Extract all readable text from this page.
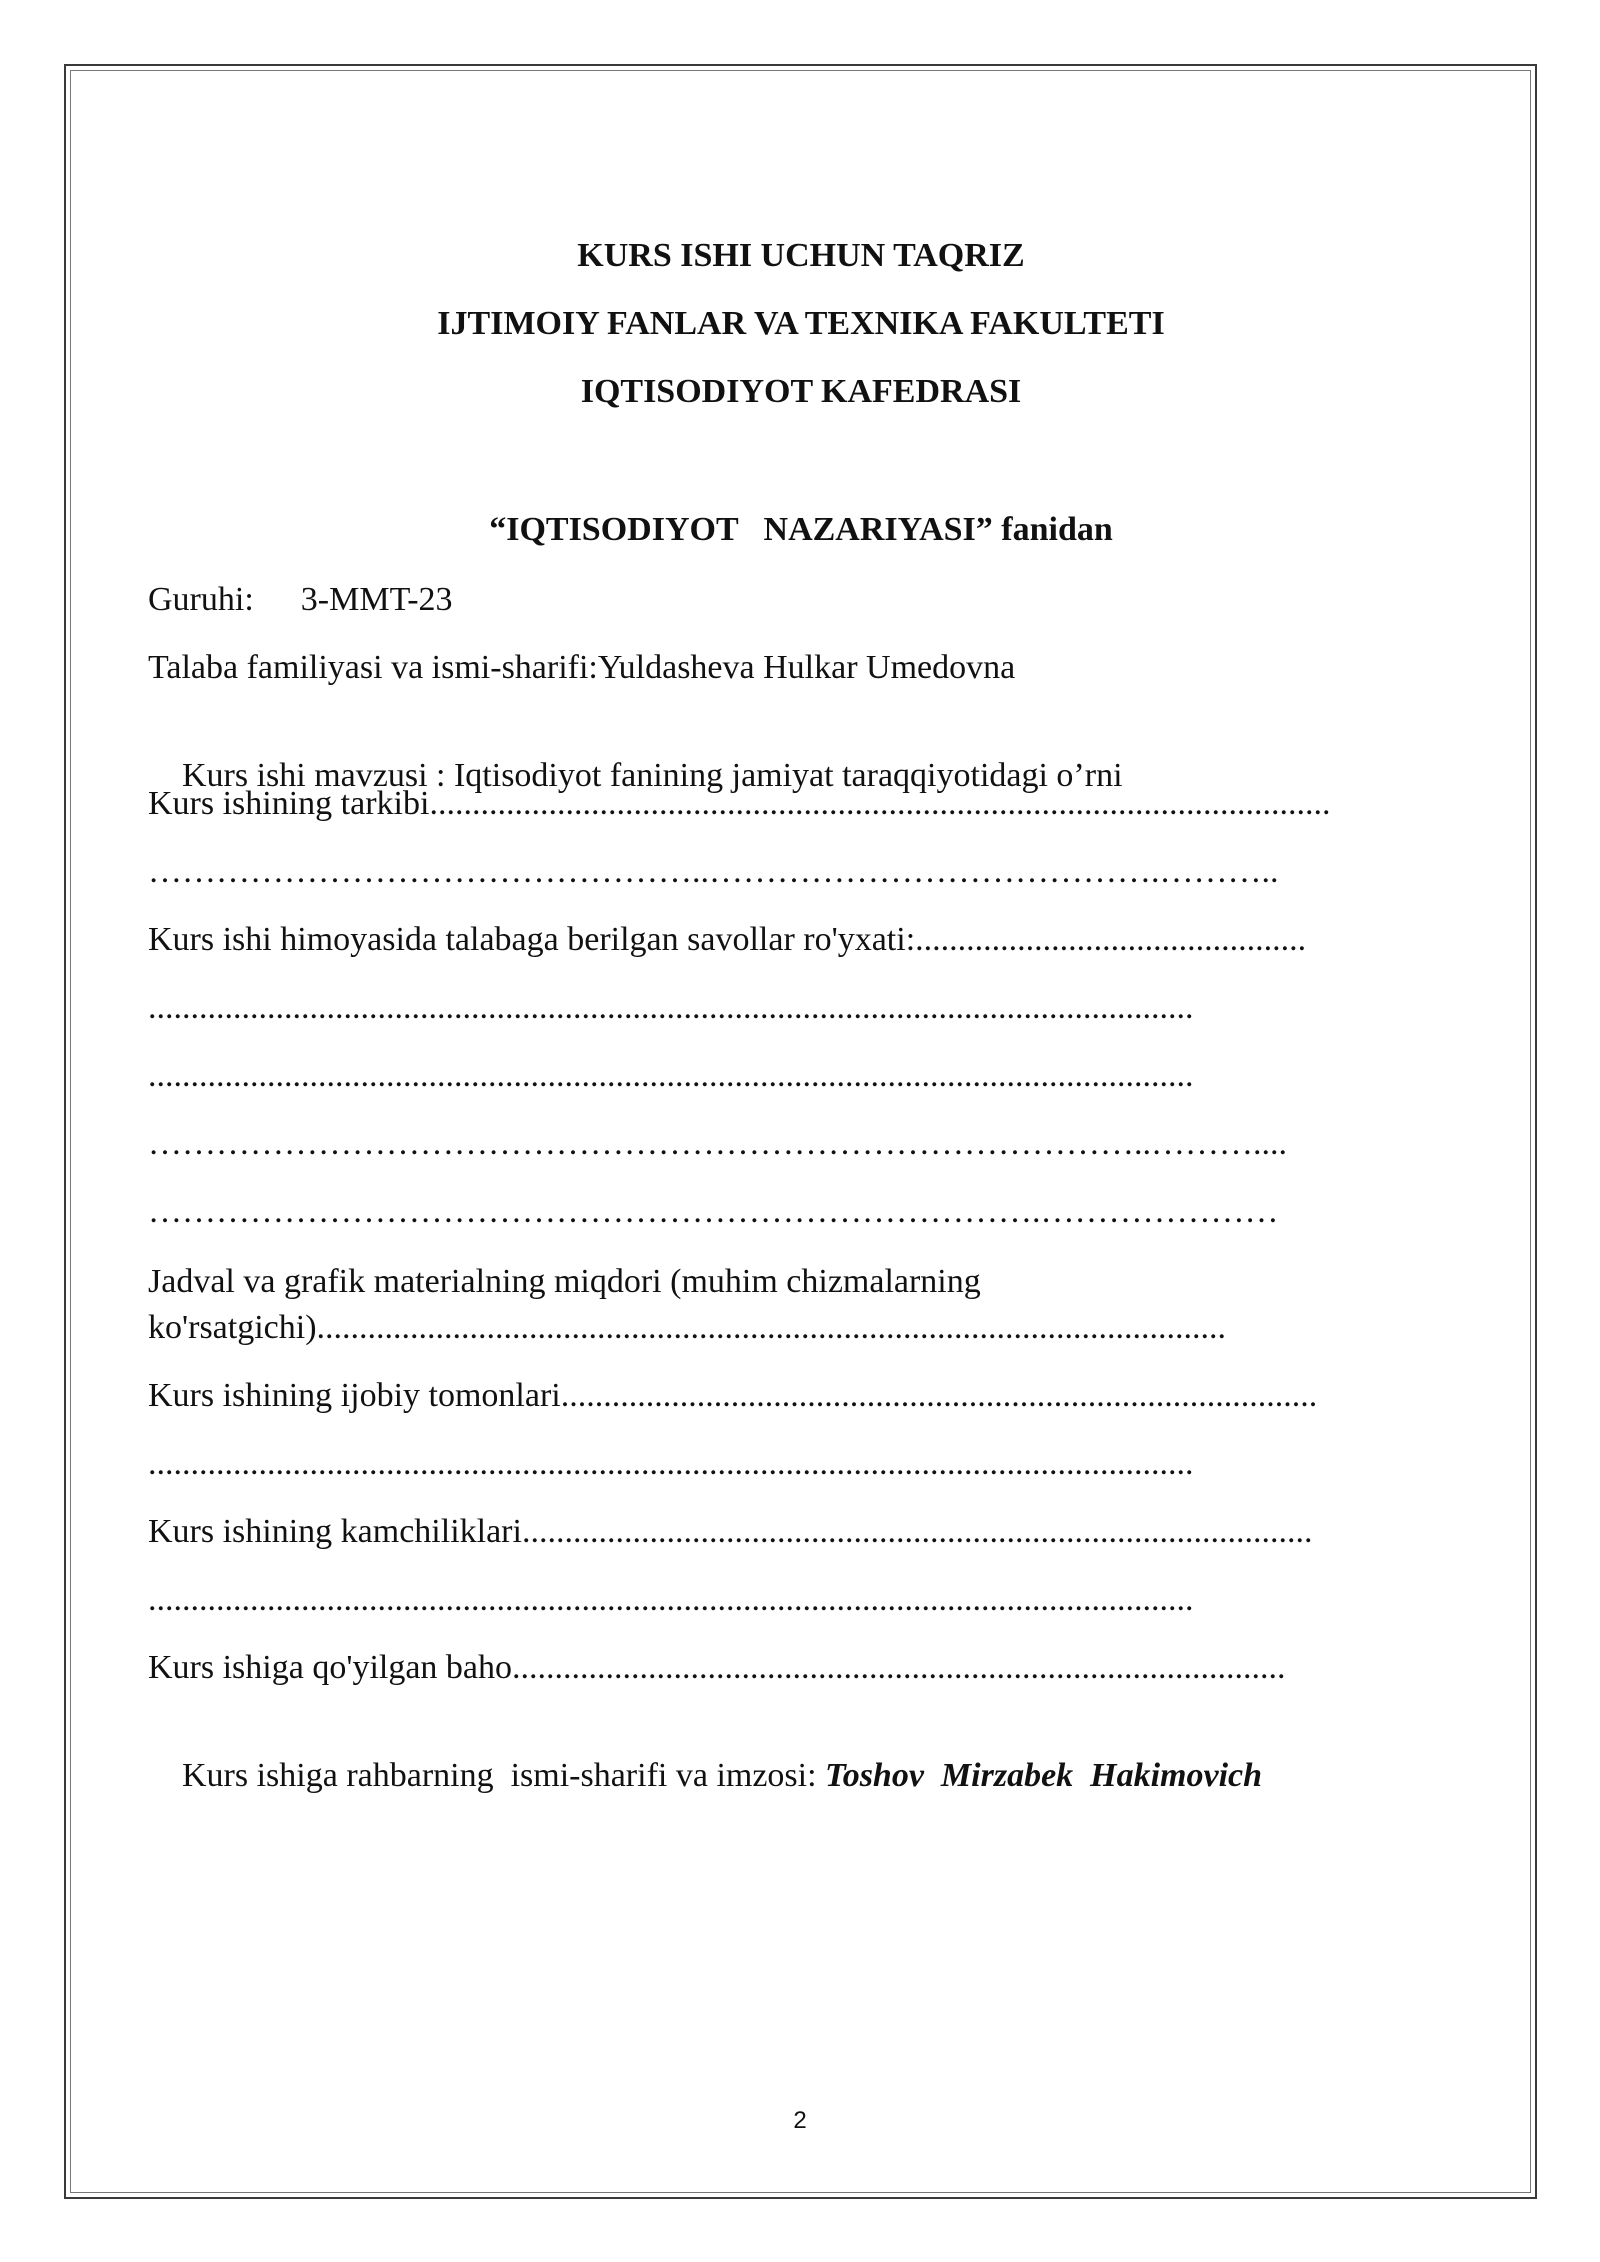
KURS ISHI UCHUN TAQRIZ
IJTIMOIY FANLAR VA TEXNIKA FAKULTETI
IQTISODIYOT KAFEDRASI
“IQTISODIYOT   NAZARIYASI” fanidan
Guruhi: 3-MMT-23
Talaba familiyasi va ismi-sharifi:Yuldasheva Hulkar Umedovna

Kurs ishi mavzusi : Iqtisodiyot fanining jamiyat taraqqiyotidagi o’rni

Kurs ishining tarkibi..........................................................................................................
…………………………………………..………………………………….………..
Kurs ishi himoyasida talabaga berilgan savollar ro'yxati:..............................................
...........................................................................................................................
...........................................................................................................................
……………………………………………………………………………..………....
…………………………………………………………………….…………………
Jadval va grafik materialning miqdori (muhim chizmalarning
ko'rsatgichi)...........................................................................................................
Kurs ishining ijobiy tomonlari.........................................................................................
...........................................................................................................................
Kurs ishining kamchiliklari.............................................................................................
...........................................................................................................................
Kurs ishiga qo'yilgan baho...........................................................................................

Kurs ishiga rahbarning  ismi-sharifi va imzosi: Toshov  Mirzabek  Hakimovich

2
